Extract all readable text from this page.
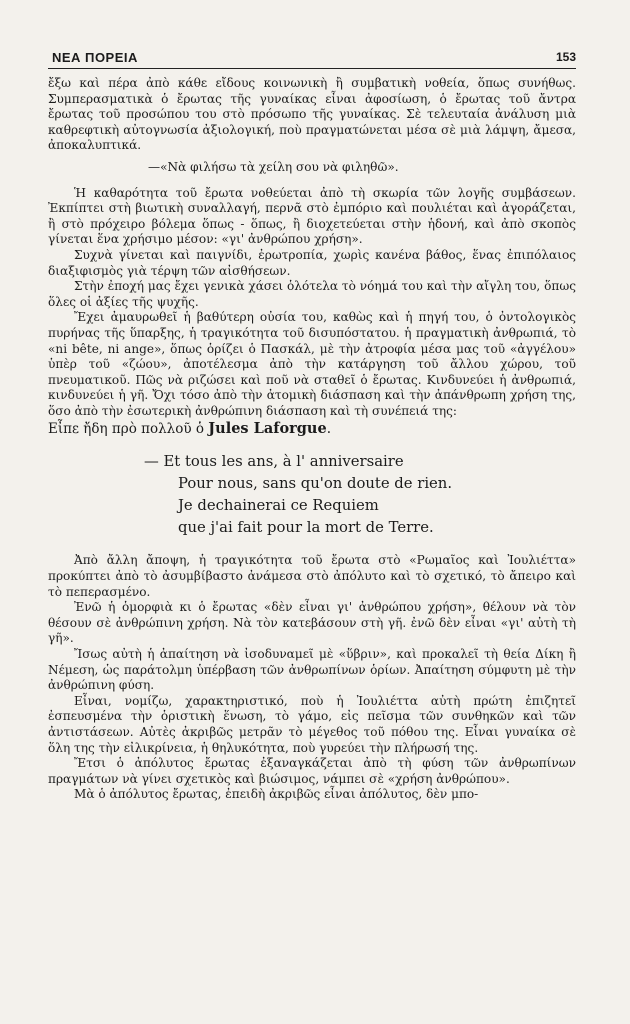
ΝΕΑ ΠΟΡΕΙΑ	153

ἔξω καὶ πέρα ἀπὸ κάθε εἴδους κοινωνικὴ ἢ συμβατικὴ νοθεία, ὅπως συνήθως. Συμπερασματικὰ ὁ ἔρωτας τῆς γυναίκας εἶναι ἀφοσίωση, ὁ ἔρωτας τοῦ ἄντρα ἔρωτας τοῦ προσώπου του στὸ πρόσωπο τῆς γυναίκας. Σὲ τελευταία ἀνάλυση μιὰ καθρεφτικὴ αὐτογνωσία ἀξιολογική, ποὺ πραγματώνεται μέσα σὲ μιὰ λάμψη, ἄμεσα, ἀποκαλυπτικά.

—«Νὰ φιλήσω τὰ χείλη σου νὰ φιληθῶ».

Ἡ καθαρότητα τοῦ ἔρωτα νοθεύεται ἀπὸ τὴ σκωρία τῶν λογῆς συμβάσεων. Ἐκπίπτει στὴ βιωτικὴ συναλλαγή, περνᾶ στὸ ἐμπόριο καὶ πουλιέται καὶ ἀγοράζεται, ἢ στὸ πρόχειρο βόλεμα ὅπως - ὅπως, ἢ διοχετεύεται στὴν ἡδονή, καὶ ἀπὸ σκοπὸς γίνεται ἕνα χρήσιμο μέσον: «γι' ἀνθρώπου χρήση».

Συχνὰ γίνεται καὶ παιγνίδι, ἐρωτροπία, χωρὶς κανένα βάθος, ἕνας ἐπιπόλαιος διαξιφισμὸς γιὰ τέρψη τῶν αἰσθήσεων.

Στὴν ἐποχή μας ἔχει γενικὰ χάσει ὁλότελα τὸ νόημά του καὶ τὴν αἴγλη του, ὅπως ὅλες οἱ ἀξίες τῆς ψυχῆς.

Ἔχει ἀμαυρωθεῖ ἡ βαθύτερη οὐσία του, καθὼς καὶ ἡ πηγή του, ὁ ὀντολογικὸς πυρήνας τῆς ὕπαρξης, ἡ τραγικότητα τοῦ δισυπόστατου. ἡ πραγματικὴ ἀνθρωπιά, τὸ «ni bête, ni ange», ὅπως ὁρίζει ὁ Πασκάλ, μὲ τὴν ἀτροφία μέσα μας τοῦ «ἀγγέλου» ὑπὲρ τοῦ «ζώου», ἀποτέλεσμα ἀπὸ τὴν κατάργηση τοῦ ἄλλου χώρου, τοῦ πνευματικοῦ. Πῶς νὰ ριζώσει καὶ ποῦ νὰ σταθεῖ ὁ ἔρωτας. Κινδυνεύει ἡ ἀνθρωπιά, κινδυνεύει ἡ γῆ. Ὄχι τόσο ἀπὸ τὴν ἀτομικὴ διάσπαση καὶ τὴν ἀπάνθρωπη χρήση της, ὅσο ἀπὸ τὴν ἐσωτερικὴ ἀνθρώπινη διάσπαση καὶ τὴ συνέπειά της:

Εἶπε ἤδη πρὸ πολλοῦ ὁ Jules Laforgue.

— Et tous les ans, à l' anniversaire
Pour nous, sans qu'on doute de rien.
Je dechainerai ce Requiem
que j'ai fait pour la mort de Terre.

Ἀπὸ ἄλλη ἄποψη, ἡ τραγικότητα τοῦ ἔρωτα στὸ «Ρωμαῖος καὶ Ἰουλιέττα» προκύπτει ἀπὸ τὸ ἀσυμβίβαστο ἀνάμεσα στὸ ἀπόλυτο καὶ τὸ σχετικό, τὸ ἄπειρο καὶ τὸ πεπερασμένο.

Ἐνῶ ἡ ὁμορφιὰ κι ὁ ἔρωτας «δὲν εἶναι γι' ἀνθρώπου χρήση», θέλουν νὰ τὸν θέσουν σὲ ἀνθρώπινη χρήση. Νὰ τὸν κατεβάσουν στὴ γῆ. ἐνῶ δὲν εἶναι «γι' αὐτὴ τὴ γῆ».

Ἴσως αὐτὴ ἡ ἀπαίτηση νὰ ἰσοδυναμεῖ μὲ «ὕβριν», καὶ προκαλεῖ τὴ θεία Δίκη ἢ Νέμεση, ὡς παράτολμη ὑπέρβαση τῶν ἀνθρωπίνων ὁρίων. Ἀπαίτηση σύμφυτη μὲ τὴν ἀνθρώπινη φύση.

Εἶναι, νομίζω, χαρακτηριστικό, ποὺ ἡ Ἰουλιέττα αὐτὴ πρώτη ἐπιζητεῖ ἐσπευσμένα τὴν ὁριστικὴ ἕνωση, τὸ γάμο, εἰς πεῖσμα τῶν συνθηκῶν καὶ τῶν ἀντιστάσεων. Αὐτὲς ἀκριβῶς μετρᾶν τὸ μέγεθος τοῦ πόθου της. Εἶναι γυναίκα σὲ ὅλη της τὴν εἰλικρίνεια, ἡ θηλυκότητα, ποὺ γυρεύει τὴν πλήρωσή της.

Ἔτσι ὁ ἀπόλυτος ἔρωτας ἐξαναγκάζεται ἀπὸ τὴ φύση τῶν ἀνθρωπίνων πραγμάτων νὰ γίνει σχετικὸς καὶ βιώσιμος, νάμπει σὲ «χρήση ἀνθρώπου».

Μὰ ὁ ἀπόλυτος ἔρωτας, ἐπειδὴ ἀκριβῶς εἶναι ἀπόλυτος, δὲν μπο-
